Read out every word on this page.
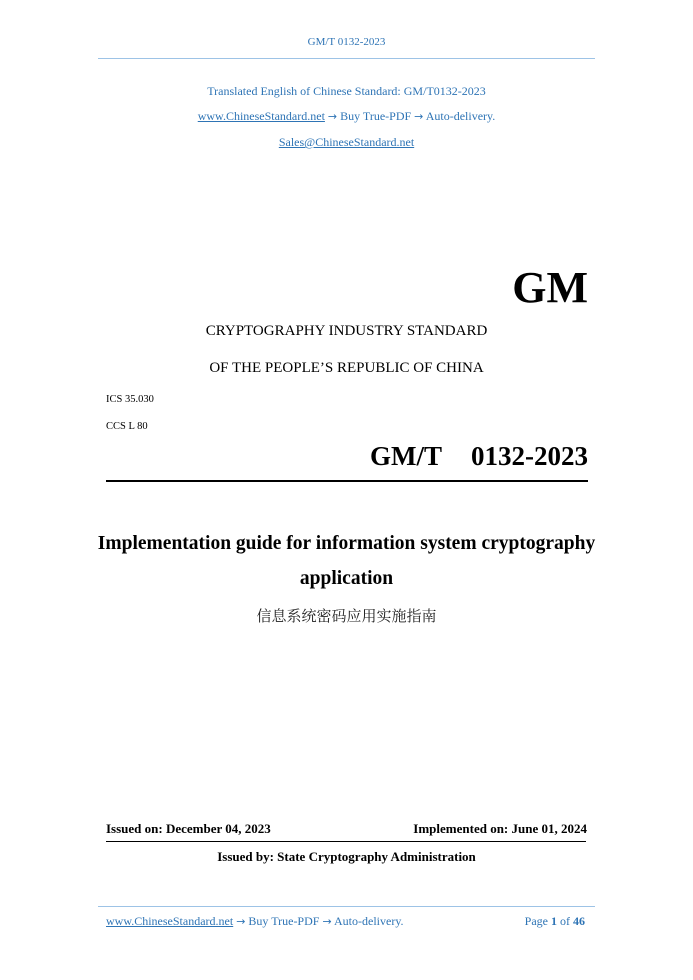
GM/T 0132-2023
Translated English of Chinese Standard: GM/T0132-2023
www.ChineseStandard.net → Buy True-PDF → Auto-delivery.
Sales@ChineseStandard.net
GM
CRYPTOGRAPHY INDUSTRY STANDARD
OF THE PEOPLE’S REPUBLIC OF CHINA
ICS 35.030
CCS L 80
GM/T  0132-2023
Implementation guide for information system cryptography
application
信息系统密码应用实施指南
Issued on: December 04, 2023	Implemented on: June 01, 2024
Issued by: State Cryptography Administration
www.ChineseStandard.net → Buy True-PDF → Auto-delivery.	Page 1 of 46
